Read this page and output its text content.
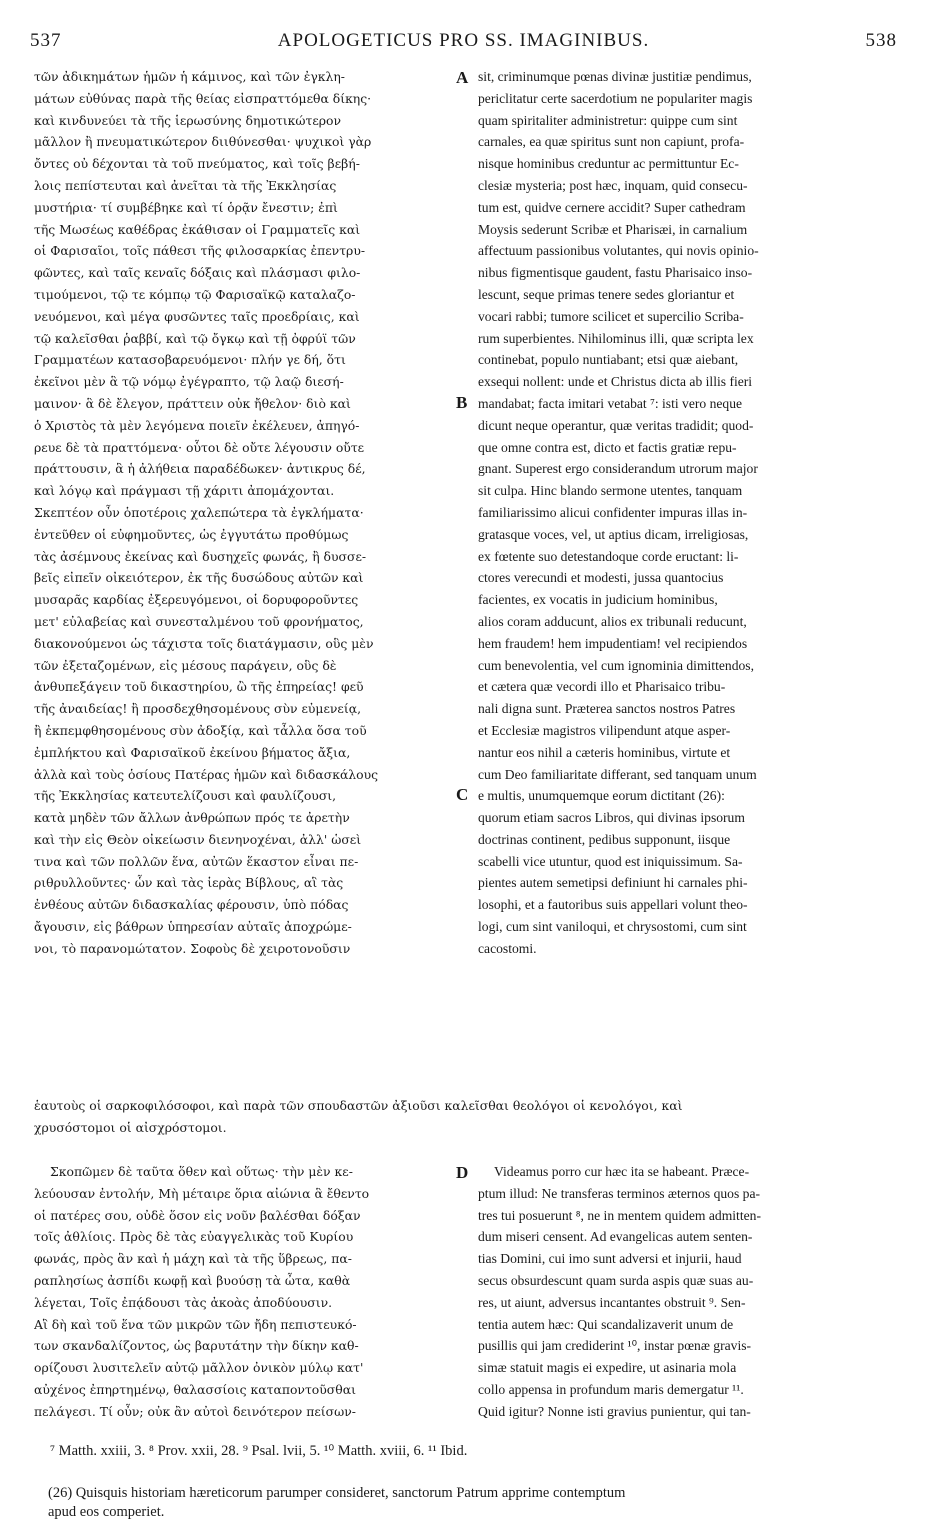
537	APOLOGETICUS PRO SS. IMAGINIBUS.	538
τῶν ἀδικημάτων ἡμῶν ἡ κάμινος, καὶ τῶν ἐγκλη-
μάτων εὐθύνας παρὰ τῆς θείας εἰσπραττόμεθα δίκης·
καὶ κινδυνεύει τὰ τῆς ἱερωσύνης δημοτικώτερον
μᾶλλον ἢ πνευματικώτερον διιθύνεσθαι· ψυχικοὶ γὰρ
ὄντες οὐ δέχονται τὰ τοῦ πνεύματος, καὶ τοῖς βεβή-
λοις πεπίστευται καὶ ἀνεῖται τὰ τῆς Ἐκκλησίας
μυστήρια· τί συμβέβηκε καὶ τί ὁρᾷν ἔνεστιν; ἐπὶ
τῆς Μωσέως καθέδρας ἐκάθισαν οἱ Γραμματεῖς καὶ
οἱ Φαρισαῖοι, τοῖς πάθεσι τῆς φιλοσαρκίας ἐπεντρυ-
φῶντες, καὶ ταῖς κεναῖς δόξαις καὶ πλάσμασι φιλο-
τιμούμενοι, τῷ τε κόμπῳ τῷ Φαρισαϊκῷ καταλαζο-
νευόμενοι, καὶ μέγα φυσῶντες ταῖς προεδρίαις, καὶ
τῷ καλεῖσθαι ῥαββί, καὶ τῷ ὄγκῳ καὶ τῇ ὀφρύϊ τῶν
Γραμματέων κατασοβαρευόμενοι· πλήν γε δή, ὅτι
ἐκεῖνοι μὲν ἃ τῷ νόμῳ ἐγέγραπτο, τῷ λαῷ διεσή-
μαινον· ἃ δὲ ἔλεγον, πράττειν οὐκ ἤθελον· διὸ καὶ
ὁ Χριστὸς τὰ μὲν λεγόμενα ποιεῖν ἐκέλευεν, ἀπηγό-
ρευε δὲ τὰ πραττόμενα· οὗτοι δὲ οὔτε λέγουσιν οὔτε
πράττουσιν, ἃ ἡ ἀλήθεια παραδέδωκεν· ἀντικρυς δέ,
καὶ λόγῳ καὶ πράγμασι τῇ χάριτι ἀπομάχονται.
Σκεπτέον οὖν ὁποτέροις χαλεπώτερα τὰ ἐγκλήματα·
ἐντεῦθεν οἱ εὐφημοῦντες, ὡς ἐγγυτάτω προθύμως
τὰς ἀσέμνους ἐκείνας καὶ δυσηχεῖς φωνάς, ἢ δυσσε-
βεῖς εἰπεῖν οἰκειότερον, ἐκ τῆς δυσώδους αὐτῶν καὶ
μυσαρᾶς καρδίας ἐξερευγόμενοι, οἱ δορυφοροῦντες
μετ' εὐλαβείας καὶ συνεσταλμένου τοῦ φρονήματος,
διακονούμενοι ὡς τάχιστα τοῖς διατάγμασιν, οὓς μὲν
τῶν ἐξεταζομένων, εἰς μέσους παράγειν, οὓς δὲ
ἀνθυπεξάγειν τοῦ δικαστηρίου, ὢ τῆς ἐπηρείας! φεῦ
τῆς ἀναιδείας! ἢ προσδεχθησομένους σὺν εὐμενείᾳ,
ἢ ἐκπεμφθησομένους σὺν ἀδοξίᾳ, καὶ τἆλλα ὅσα τοῦ
ἐμπλήκτου καὶ Φαρισαϊκοῦ ἐκείνου βήματος ἄξια,
ἀλλὰ καὶ τοὺς ὁσίους Πατέρας ἡμῶν καὶ διδασκάλους
τῆς Ἐκκλησίας κατευτελίζουσι καὶ φαυλίζουσι,
κατὰ μηδὲν τῶν ἄλλων ἀνθρώπων πρός τε ἀρετὴν
καὶ τὴν εἰς Θεὸν οἰκείωσιν διενηνοχέναι, ἀλλ' ὡσεὶ
τινα καὶ τῶν πολλῶν ἕνα, αὐτῶν ἕκαστον εἶναι πε-
ριθρυλλοῦντες· ὧν καὶ τὰς ἱερὰς Βίβλους, αἳ τὰς
ἐνθέους αὐτῶν διδασκαλίας φέρουσιν, ὑπὸ πόδας
ἄγουσιν, εἰς βάθρων ὑπηρεσίαν αὐταῖς ἀποχρώμε-
νοι, τὸ παρανομώτατον. Σοφοὺς δὲ χειροτονοῦσιν
sit, criminumque pœnas divinæ justitiæ pendimus,
periclitatur certe sacerdotium ne populariter magis
quam spiritaliter administretur: quippe cum sint
carnales, ea quæ spiritus sunt non capiunt, profa-
nisque hominibus creduntur ac permittuntur Ec-
clesiæ mysteria; post hæc, inquam, quid consecu-
tum est, quidve cernere accidit? Super cathedram
Moysis sederunt Scribæ et Pharisæi, in carnalium
affectuum passionibus volutantes, qui novis opinio-
nibus figmentisque gaudent, fastu Pharisaico inso-
lescunt, seque primas tenere sedes gloriantur et
vocari rabbi; tumore scilicet et supercilio Scriba-
rum superbientes. Nihilominus illi, quæ scripta lex
continebat, populo nuntiabant; etsi quæ aiebant,
exsequi nollent: unde et Christus dicta ab illis fieri
mandabat; facta imitari vetabat ⁷: isti vero neque
dicunt neque operantur, quæ veritas tradidit; quod-
que omne contra est, dicto et factis gratiæ repu-
gnant. Superest ergo considerandum utrorum major
sit culpa. Hinc blando sermone utentes, tanquam
familiarissimo alicui confidenter impuras illas in-
gratasque voces, vel, ut aptius dicam, irreligiosas,
ex fœtente suo detestandoque corde eructant: li-
ctores verecundi et modesti, jussa quantocius
facientes, ex vocatis in judicium hominibus,
alios coram adducunt, alios ex tribunali reducunt,
hem fraudem! hem impudentiam! vel recipiendos
cum benevolentia, vel cum ignominia dimittendos,
et cætera quæ vecordi illo et Pharisaico tribu-
nali digna sunt. Præterea sanctos nostros Patres
et Ecclesiæ magistros vilipendunt atque asper-
nantur eos nihil a cæteris hominibus, virtute et
cum Deo familiaritate differant, sed tanquam unum
e multis, unumquemque eorum dictitant (26):
quorum etiam sacros Libros, qui divinas ipsorum
doctrinas continent, pedibus supponunt, iisque
scabelli vice utuntur, quod est iniquissimum. Sa-
pientes autem semetipsi definiunt hi carnales phi-
losophi, et a fautoribus suis appellari volunt theo-
logi, cum sint vaniloqui, et chrysostomi, cum sint
cacostomi.
A
B
C
D
ἑαυτοὺς οἱ σαρκοφιλόσοφοι, καὶ παρὰ τῶν σπουδαστῶν ἀξιοῦσι καλεῖσθαι θεολόγοι οἱ κενολόγοι, καὶ
χρυσόστομοι οἱ αἰσχρόστομοι.
Σκοπῶμεν δὲ ταῦτα ὅθεν καὶ οὕτως· τὴν μὲν κε-
λεύουσαν ἐντολήν, Μὴ μέταιρε ὅρια αἰώνια ἃ ἔθεντο
οἱ πατέρες σου, οὐδὲ ὅσον εἰς νοῦν βαλέσθαι δόξαν
τοῖς ἀθλίοις. Πρὸς δὲ τὰς εὐαγγελικὰς τοῦ Κυρίου
φωνάς, πρὸς ἃν καὶ ἡ μάχη καὶ τὰ τῆς ὕβρεως, πα-
ραπλησίως ἀσπίδι κωφῇ καὶ βυούσῃ τὰ ὦτα, καθὰ
λέγεται, Τοῖς ἐπᾴδουσι τὰς ἀκοὰς ἀποδύουσιν.
Αἳ δὴ καὶ τοῦ ἕνα τῶν μικρῶν τῶν ἤδη πεπιστευκό-
των σκανδαλίζοντος, ὡς βαρυτάτην τὴν δίκην καθ-
ορίζουσι λυσιτελεῖν αὐτῷ μᾶλλον ὀνικὸν μύλῳ κατ'
αὐχένος ἐπηρτημένῳ, θαλασσίοις καταποντοῦσθαι
πελάγεσι. Τί οὖν; οὐκ ἂν αὐτοὶ δεινότερον πείσων-
Videamus porro cur hæc ita se habeant. Præce-
ptum illud: Ne transferas terminos æternos quos pa-
tres tui posuerunt ⁸, ne in mentem quidem admitten-
dum miseri censent. Ad evangelicas autem senten-
tias Domini, cui imo sunt adversi et injurii, haud
secus obsurdescunt quam surda aspis quæ suas au-
res, ut aiunt, adversus incantantes obstruit ⁹. Sen-
tentia autem hæc: Qui scandalizaverit unum de
pusillis qui jam crediderint ¹⁰, instar pœnæ gravis-
simæ statuit magis ei expedire, ut asinaria mola
collo appensa in profundum maris demergatur ¹¹.
Quid igitur? Nonne isti gravius punientur, qui tan-
⁷ Matth. xxiii, 3. ⁸ Prov. xxii, 28. ⁹ Psal. lvii, 5. ¹⁰ Matth. xviii, 6. ¹¹ Ibid.
(26) Quisquis historiam hæreticorum parumper consideret, sanctorum Patrum apprime contemptum
apud eos comperiet.
